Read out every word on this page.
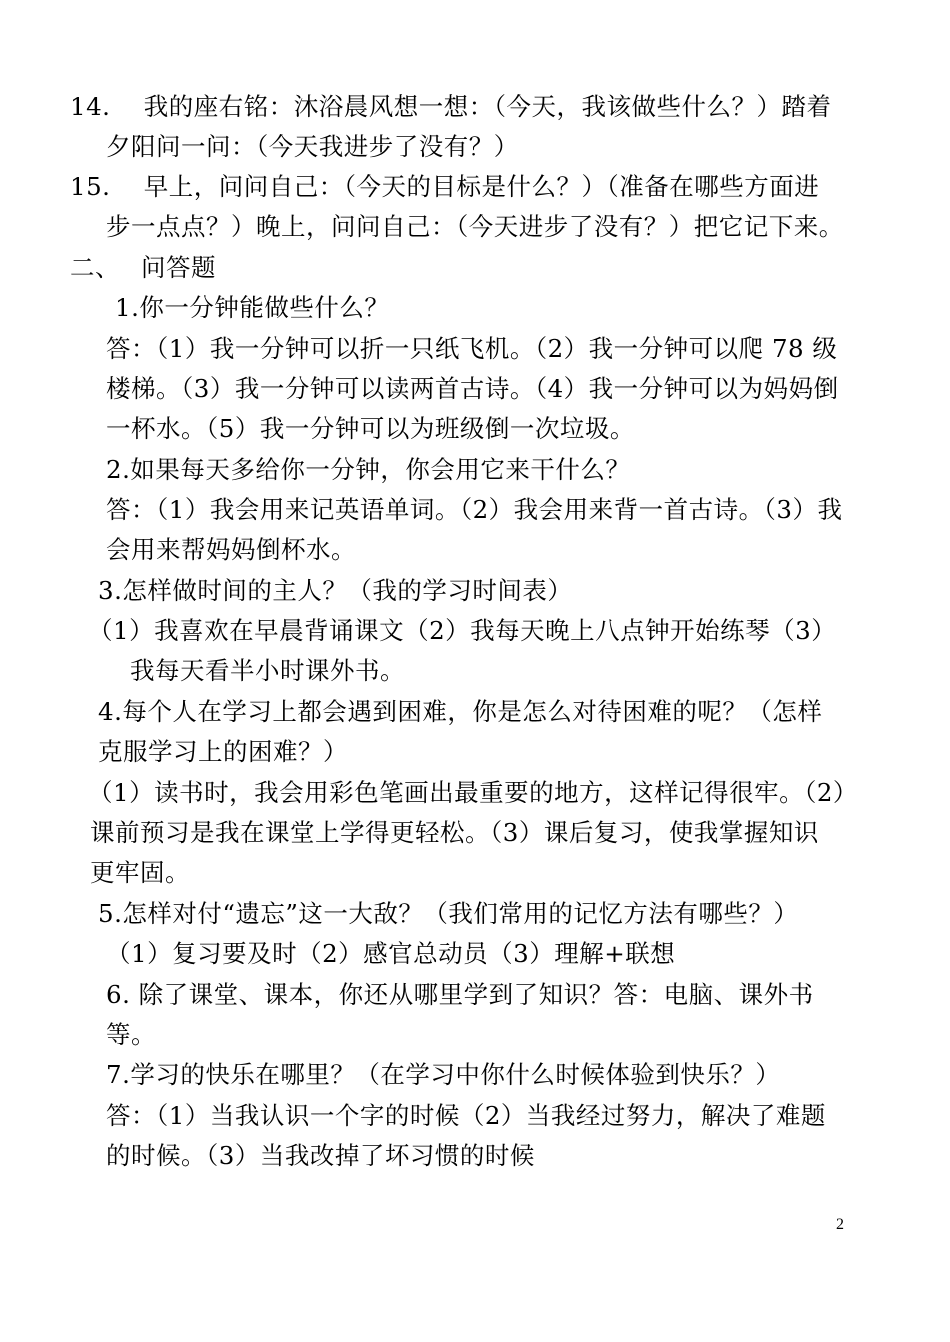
14.　 我的座右铭：沐浴晨风想一想：（今天，我该做些什么？）踏着
夕阳问一问：（今天我进步了没有？）
15.　 早上，问问自己：（今天的目标是什么？）（准备在哪些方面进
步一点点？）晚上，问问自己：（今天进步了没有？）把它记下来。
二、　 问答题
1.你一分钟能做些什么？
答：（1）我一分钟可以折一只纸飞机。（2）我一分钟可以爬 78 级
楼梯。（3）我一分钟可以读两首古诗。（4）我一分钟可以为妈妈倒
一杯水。（5）我一分钟可以为班级倒一次垃圾。
2.如果每天多给你一分钟，你会用它来干什么？
答：（1）我会用来记英语单词。（2）我会用来背一首古诗。（3）我
会用来帮妈妈倒杯水。
3.怎样做时间的主人？（我的学习时间表）
（1）我喜欢在早晨背诵课文（2）我每天晚上八点钟开始练琴（3）
我每天看半小时课外书。
4.每个人在学习上都会遇到困难，你是怎么对待困难的呢？（怎样
克服学习上的困难？）
（1）读书时，我会用彩色笔画出最重要的地方，这样记得很牢。（2）
课前预习是我在课堂上学得更轻松。（3）课后复习，使我掌握知识
更牢固。
5.怎样对付“遗忘”这一大敌？（我们常用的记忆方法有哪些？）
（1）复习要及时（2）感官总动员（3）理解+联想
6. 除了课堂、课本，你还从哪里学到了知识？答：电脑、课外书
等。
7.学习的快乐在哪里？（在学习中你什么时候体验到快乐？）
答：（1）当我认识一个字的时候（2）当我经过努力，解决了难题
的时候。（3）当我改掉了坏习惯的时候
2
